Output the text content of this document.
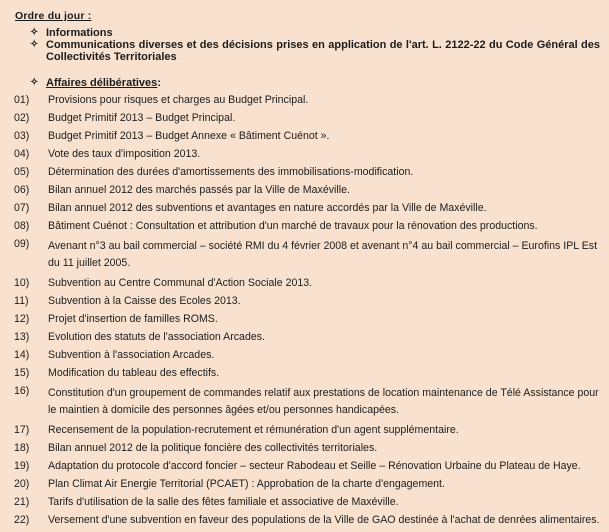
Ordre du jour :
✧ Informations
✧ Communications diverses et des décisions prises en application de l'art. L. 2122-22 du Code Général des Collectivités Territoriales
✧ Affaires délibératives :
01)	Provisions pour risques et charges au Budget Principal.
02)	Budget Primitif 2013 – Budget Principal.
03)	Budget Primitif 2013 – Budget Annexe « Bâtiment Cuénot ».
04)	Vote des taux d'imposition 2013.
05)	Détermination des durées d'amortissements des immobilisations-modification.
06)	Bilan annuel 2012 des marchés passés par la Ville de Maxéville.
07)	Bilan annuel 2012 des subventions et avantages en nature accordés par la Ville de Maxéville.
08)	Bâtiment Cuénot : Consultation et attribution d'un marché de travaux pour la rénovation des productions.
09)	Avenant n°3 au bail commercial – société RMI du 4 février 2008 et avenant n°4 au bail commercial – Eurofins IPL Est du 11 juillet 2005.
10)	Subvention au Centre Communal d'Action Sociale 2013.
11)	Subvention à la Caisse des Ecoles 2013.
12)	Projet d'insertion de familles ROMS.
13)	Evolution des statuts de l'association Arcades.
14)	Subvention à l'association Arcades.
15)	Modification du tableau des effectifs.
16)	Constitution d'un groupement de commandes relatif aux prestations de location maintenance de Télé Assistance pour le maintien à domicile des personnes âgées et/ou personnes handicapées.
17)	Recensement de la population-recrutement et rémunération d'un agent supplémentaire.
18)	Bilan annuel 2012 de la politique foncière des collectivités territoriales.
19)	Adaptation du protocole d'accord foncier – secteur Rabodeau et Seille – Rénovation Urbaine du Plateau de Haye.
20)	Plan Climat Air Energie Territorial (PCAET) : Approbation de la charte d'engagement.
21)	Tarifs d'utilisation de la salle des fêtes familiale et associative de Maxéville.
22)	Versement d'une subvention en faveur des populations de la Ville de GAO destinée à l'achat de denrées alimentaires.
